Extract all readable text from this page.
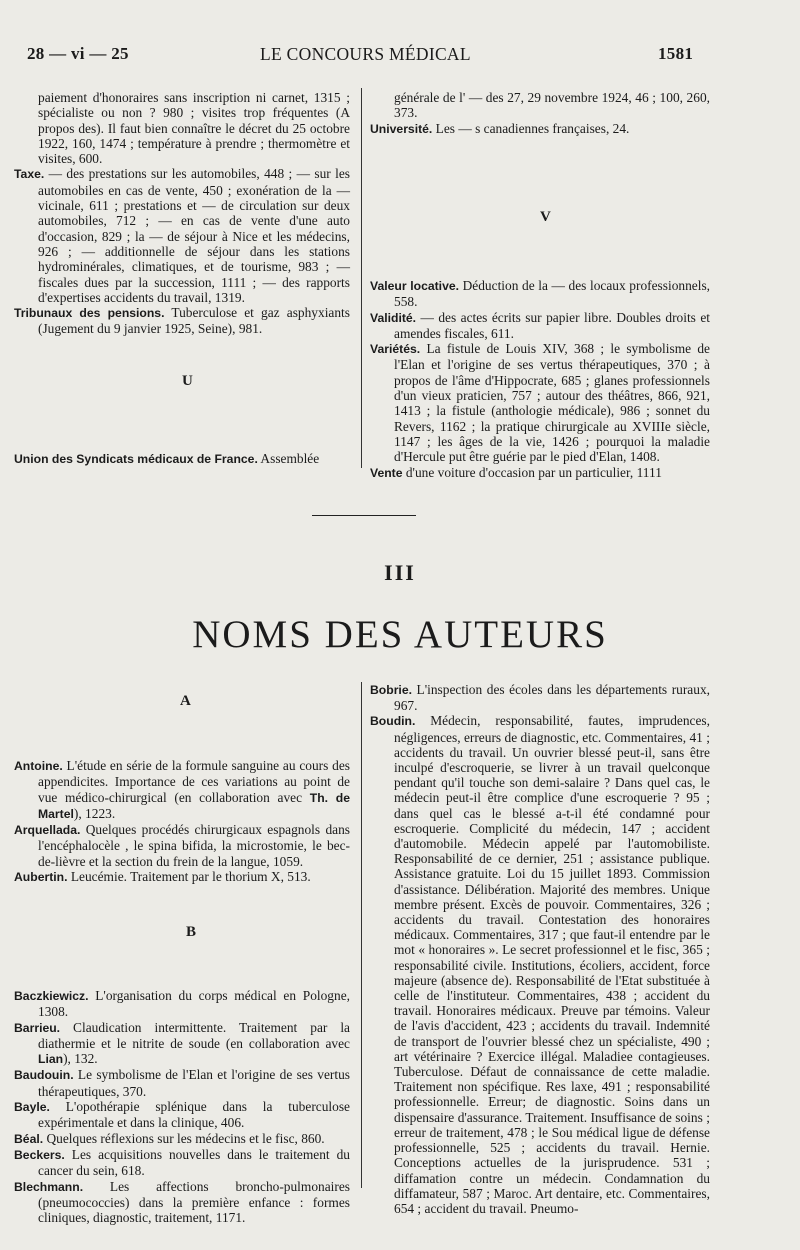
28 — vi — 25	LE CONCOURS MÉDICAL	1581

paiement d'honoraires sans inscription ni carnet, 1315 ; spécialiste ou non ? 980 ; visites trop fréquentes (A propos des). Il faut bien connaître le décret du 25 octobre 1922, 160, 1474 ; température à prendre ; thermomètre et visites, 600.

Taxe. — des prestations sur les automobiles, 448 ; — sur les automobiles en cas de vente, 450 ; exonération de la — vicinale, 611 ; prestations et — de circulation sur deux automobiles, 712 ; — en cas de vente d'une auto d'occasion, 829 ; la — de séjour à Nice et les médecins, 926 ; — additionnelle de séjour dans les stations hydrominérales, climatiques, et de tourisme, 983 ; — fiscales dues par la succession, 1111 ; — des rapports d'expertises accidents du travail, 1319.

Tribunaux des pensions. Tuberculose et gaz asphyxiants (Jugement du 9 janvier 1925, Seine), 981.

U

Union des Syndicats médicaux de France. Assemblée

générale de l' — des 27, 29 novembre 1924, 46 ; 100, 260, 373.

Université. Les — s canadiennes françaises, 24.

V

Valeur locative. Déduction de la — des locaux professionnels, 558.

Validité. — des actes écrits sur papier libre. Doubles droits et amendes fiscales, 611.

Variétés. La fistule de Louis XIV, 368 ; le symbolisme de l'Elan et l'origine de ses vertus thérapeutiques, 370 ; à propos de l'âme d'Hippocrate, 685 ; glanes professionnels d'un vieux praticien, 757 ; autour des théâtres, 866, 921, 1413 ; la fistule (anthologie médicale), 986 ; sonnet du Revers, 1162 ; la pratique chirurgicale au XVIIIe siècle, 1147 ; les âges de la vie, 1426 ; pourquoi la maladie d'Hercule put être guérie par le pied d'Elan, 1408.

Vente d'une voiture d'occasion par un particulier, 1111

III
NOMS DES AUTEURS
A

Antoine. L'étude en série de la formule sanguine au cours des appendicites. Importance de ces variations au point de vue médico-chirurgical (en collaboration avec Th. de Martel), 1223.

Arquellada. Quelques procédés chirurgicaux espagnols dans l'encéphalocèle , le spina bifida, la microstomie, le bec-de-lièvre et la section du frein de la langue, 1059.

Aubertin. Leucémie. Traitement par le thorium X, 513.

B

Baczkiewicz. L'organisation du corps médical en Pologne, 1308.

Barrieu. Claudication intermittente. Traitement par la diathermie et le nitrite de soude (en collaboration avec Lian), 132.

Baudouin. Le symbolisme de l'Elan et l'origine de ses vertus thérapeutiques, 370.

Bayle. L'opothérapie splénique dans la tuberculose expérimentale et dans la clinique, 406.

Béal. Quelques réflexions sur les médecins et le fisc, 860.

Beckers. Les acquisitions nouvelles dans le traitement du cancer du sein, 618.

Blechmann. Les affections broncho-pulmonaires (pneumococcies) dans la première enfance : formes cliniques, diagnostic, traitement, 1171.

Bobrie. L'inspection des écoles dans les départements ruraux, 967.

Boudin. Médecin, responsabilité, fautes, imprudences, négligences, erreurs de diagnostic, etc. Commentaires, 41 ; accidents du travail. Un ouvrier blessé peut-il, sans être inculpé d'escroquerie, se livrer à un travail quelconque pendant qu'il touche son demi-salaire ? Dans quel cas, le médecin peut-il être complice d'une escroquerie ? 95 ; dans quel cas le blessé a-t-il été condamné pour escroquerie. Complicité du médecin, 147 ; accident d'automobile. Médecin appelé par l'automobiliste. Responsabilité de ce dernier, 251 ; assistance publique. Assistance gratuite. Loi du 15 juillet 1893. Commission d'assistance. Délibération. Majorité des membres. Unique membre présent. Excès de pouvoir. Commentaires, 326 ; accidents du travail. Contestation des honoraires médicaux. Commentaires, 317 ; que faut-il entendre par le mot « honoraires ». Le secret professionnel et le fisc, 365 ; responsabilité civile. Institutions, écoliers, accident, force majeure (absence de). Responsabilité de l'Etat substituée à celle de l'instituteur. Commentaires, 438 ; accident du travail. Honoraires médicaux. Preuve par témoins. Valeur de l'avis d'accident, 423 ; accidents du travail. Indemnité de transport de l'ouvrier blessé chez un spécialiste, 490 ; art vétérinaire ? Exercice illégal. Maladiee contagieuses. Tuberculose. Défaut de connaissance de cette maladie. Traitement non spécifique. Res laxe, 491 ; responsabilité professionnelle. Erreur; de diagnostic. Soins dans un dispensaire d'assurance. Traitement. Insuffisance de soins ; erreur de traitement, 478 ; le Sou médical ligue de défense professionnelle, 525 ; accidents du travail. Hernie. Conceptions actuelles de la jurisprudence. 531 ; diffamation contre un médecin. Condamnation du diffamateur, 587 ; Maroc. Art dentaire, etc. Commentaires, 654 ; accident du travail. Pneumo-
